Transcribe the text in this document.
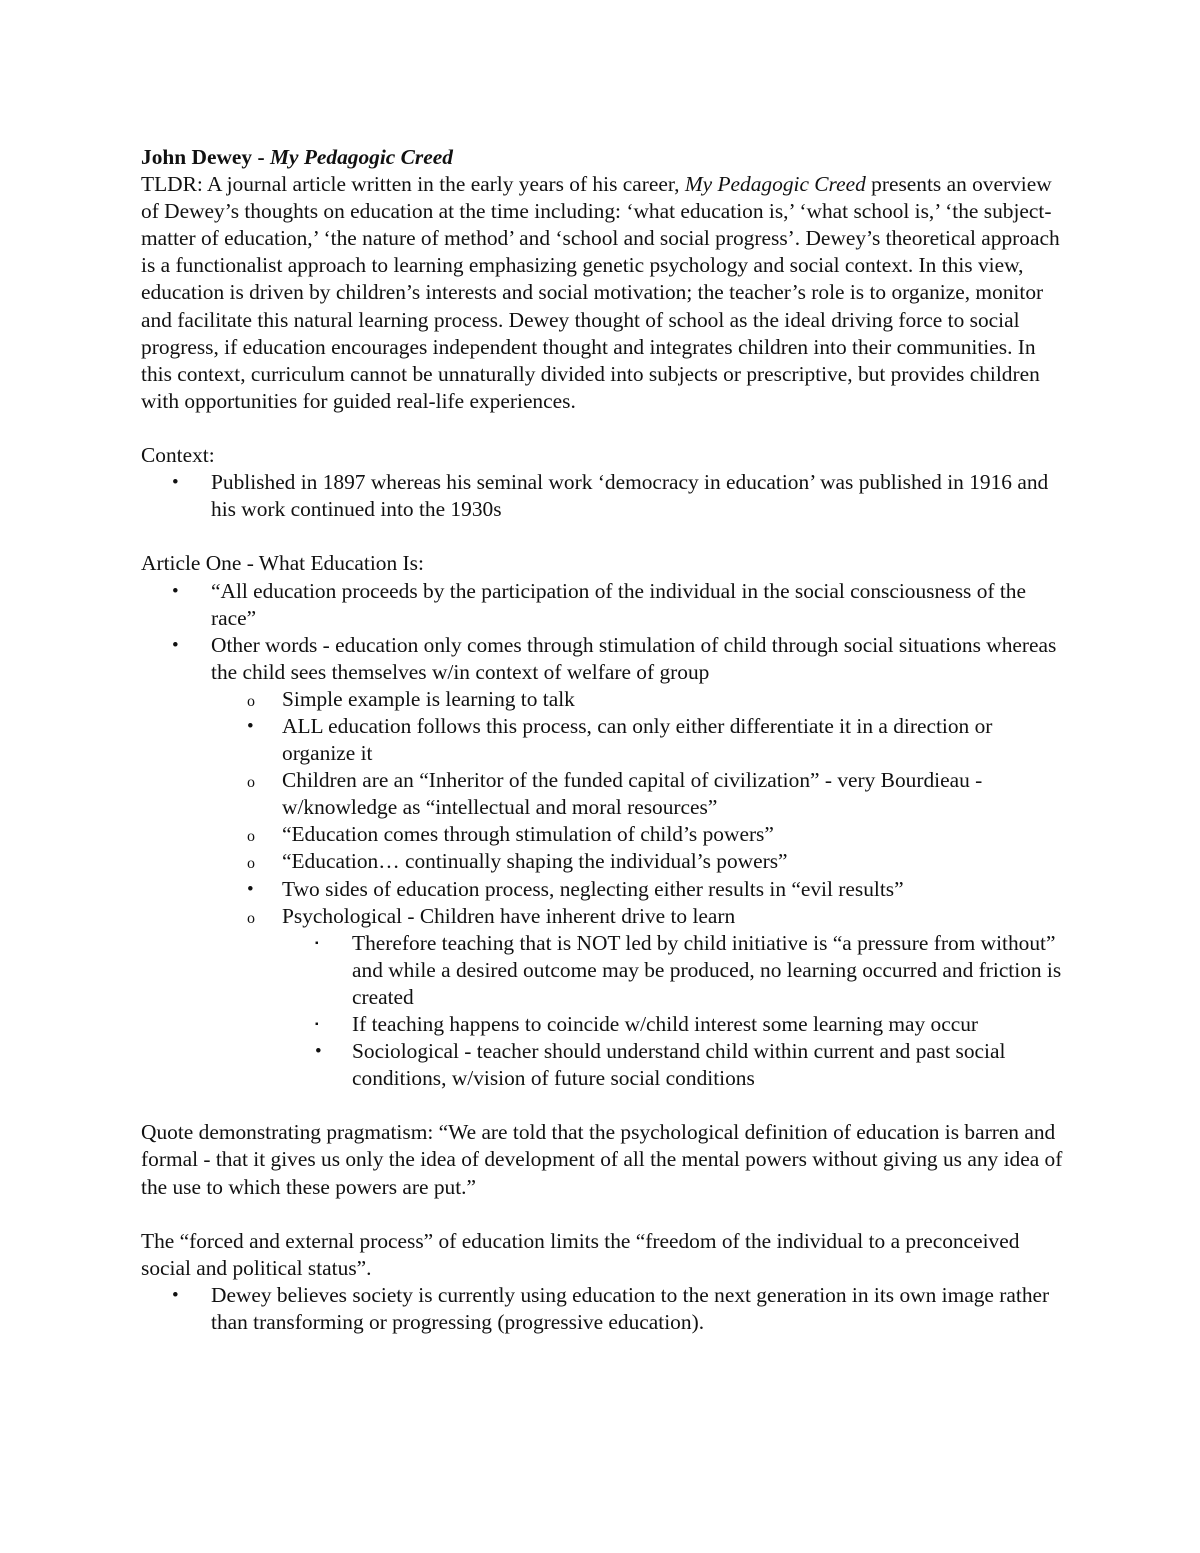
John Dewey - My Pedagogic Creed

TLDR: A journal article written in the early years of his career, My Pedagogic Creed presents an overview of Dewey’s thoughts on education at the time including: ‘what education is,’ ‘what school is,’ ‘the subject-matter of education,’ ‘the nature of method’ and ‘school and social progress’. Dewey’s theoretical approach is a functionalist approach to learning emphasizing genetic psychology and social context. In this view, education is driven by children’s interests and social motivation; the teacher’s role is to organize, monitor and facilitate this natural learning process. Dewey thought of school as the ideal driving force to social progress, if education encourages independent thought and integrates children into their communities. In this context, curriculum cannot be unnaturally divided into subjects or prescriptive, but provides children with opportunities for guided real-life experiences.

Context:

• Published in 1897 whereas his seminal work ‘democracy in education’ was published in 1916 and his work continued into the 1930s

Article One - What Education Is:

• “All education proceeds by the participation of the individual in the social consciousness of the race”
• Other words - education only comes through stimulation of child through social situations whereas the child sees themselves w/in context of welfare of group
o Simple example is learning to talk
• ALL education follows this process, can only either differentiate it in a direction or organize it
o Children are an “Inheritor of the funded capital of civilization” - very Bourdieau - w/knowledge as “intellectual and moral resources”
o “Education comes through stimulation of child’s powers”
o “Education… continually shaping the individual’s powers”
• Two sides of education process, neglecting either results in “evil results”
o Psychological - Children have inherent drive to learn
▪ Therefore teaching that is NOT led by child initiative is “a pressure from without” and while a desired outcome may be produced, no learning occurred and friction is created
▪ If teaching happens to coincide w/child interest some learning may occur
• Sociological - teacher should understand child within current and past social conditions, w/vision of future social conditions

Quote demonstrating pragmatism: “We are told that the psychological definition of education is barren and formal - that it gives us only the idea of development of all the mental powers without giving us any idea of the use to which these powers are put.”

The “forced and external process” of education limits the “freedom of the individual to a preconceived social and political status”.

• Dewey believes society is currently using education to the next generation in its own image rather than transforming or progressing (progressive education).
